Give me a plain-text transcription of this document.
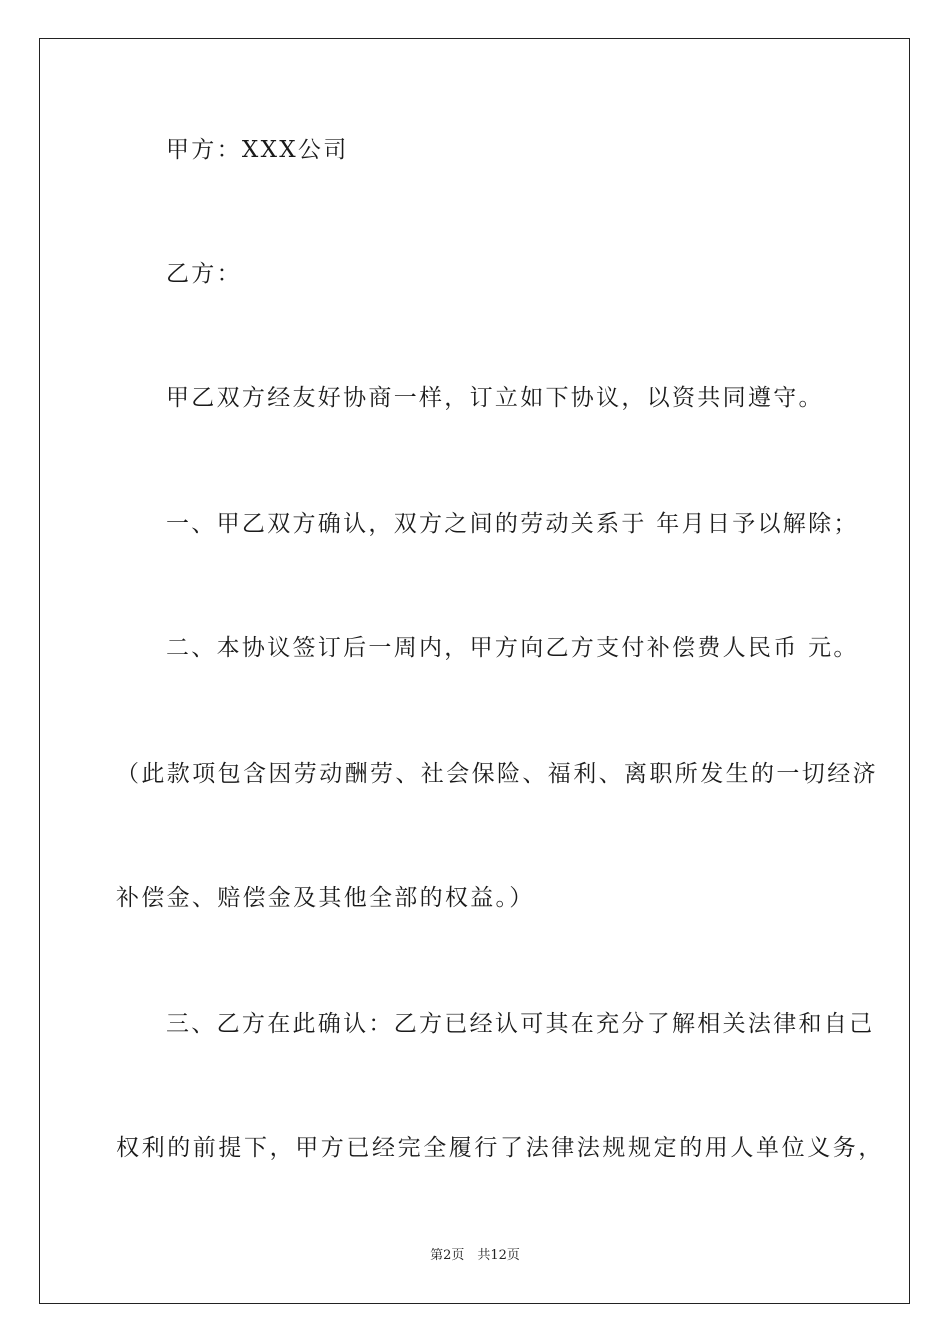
甲方：XXX公司
乙方：
甲乙双方经友好协商一样，订立如下协议，以资共同遵守。
一、甲乙双方确认，双方之间的劳动关系于 年月日予以解除；
二、本协议签订后一周内，甲方向乙方支付补偿费人民币 元。
（此款项包含因劳动酬劳、社会保险、福利、离职所发生的一切经济
补偿金、赔偿金及其他全部的权益。）
三、乙方在此确认：乙方已经认可其在充分了解相关法律和自己
权利的前提下，甲方已经完全履行了法律法规规定的用人单位义务，
第2页　共12页
